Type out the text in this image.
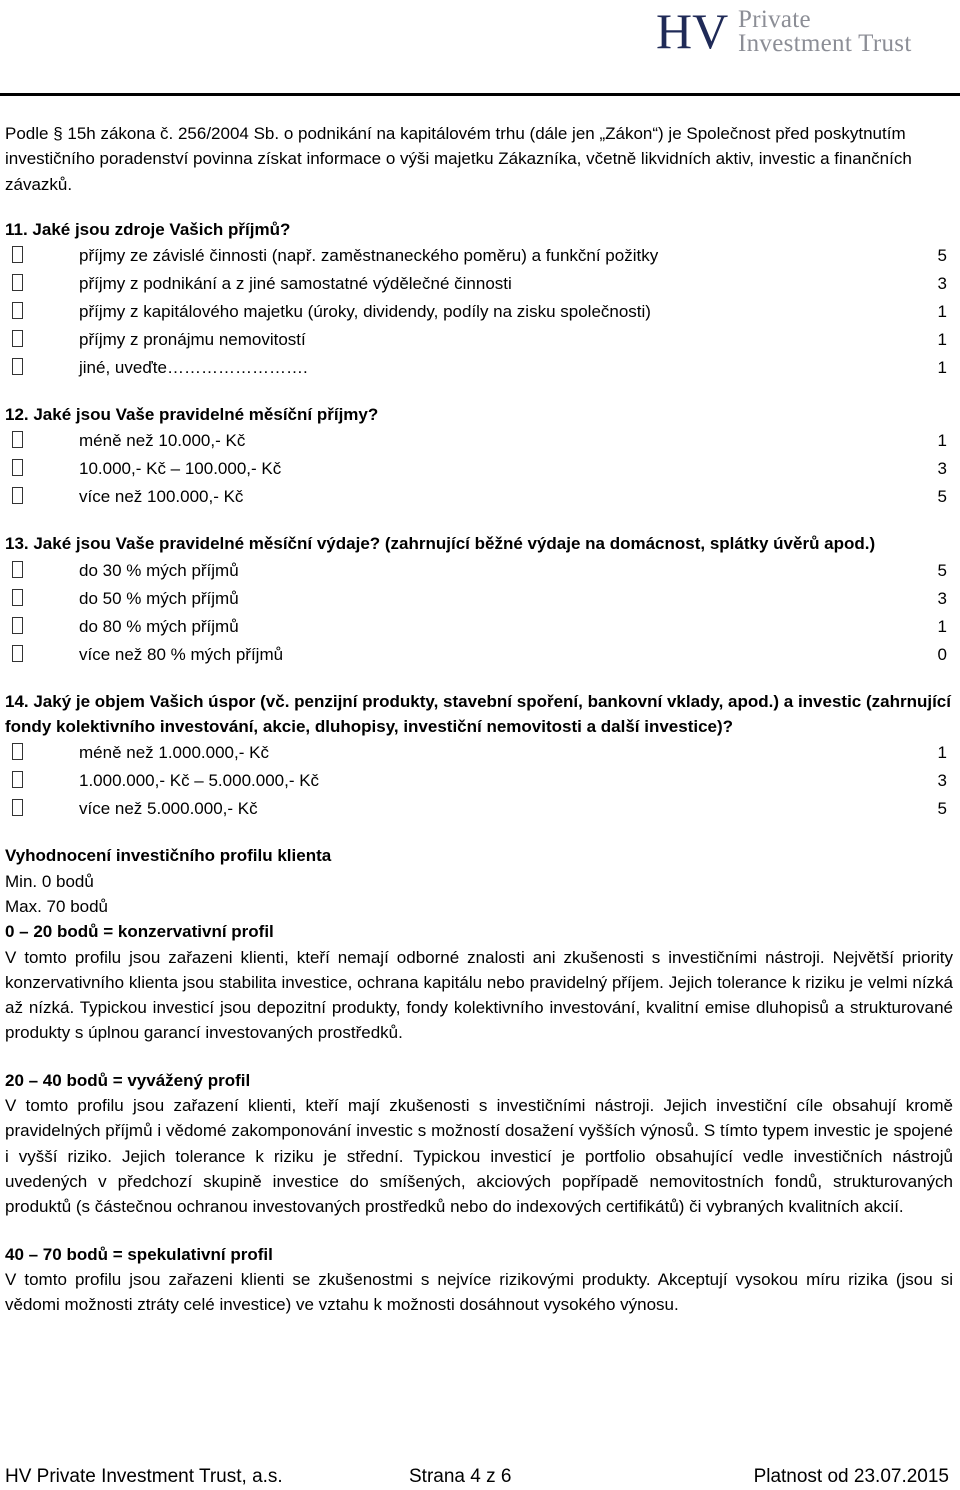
HV Private
Investment Trust

Podle § 15h zákona č. 256/2004 Sb. o podnikání na kapitálovém trhu (dále jen „Zákon“) je Společnost před poskytnutím investičního poradenství povinna získat informace o výši majetku Zákazníka, včetně likvidních aktiv, investic a finančních závazků.

11. Jaké jsou zdroje Vašich příjmů?

příjmy ze závislé činnosti (např. zaměstnaneckého poměru) a funkční požitky	5
příjmy z podnikání a z jiné samostatné výdělečné činnosti	3
příjmy z kapitálového majetku (úroky, dividendy, podíly na zisku společnosti)	1
příjmy z pronájmu nemovitostí	1
jiné, uveďte…………………….	1

12. Jaké jsou Vaše pravidelné měsíční příjmy?

méně než 10.000,- Kč	1
10.000,- Kč – 100.000,- Kč	3
více než 100.000,- Kč	5

13. Jaké jsou Vaše pravidelné měsíční výdaje? (zahrnující běžné výdaje na domácnost, splátky úvěrů apod.)

do 30 % mých příjmů	5
do 50 % mých příjmů	3
do 80 % mých příjmů	1
více než 80 % mých příjmů	0

14. Jaký je objem Vašich úspor (vč. penzijní produkty, stavební spoření, bankovní vklady, apod.) a investic (zahrnující fondy kolektivního investování, akcie, dluhopisy, investiční nemovitosti a další investice)?

méně než 1.000.000,- Kč	1
1.000.000,- Kč – 5.000.000,- Kč	3
více než 5.000.000,- Kč	5

Vyhodnocení investičního profilu klienta

Min. 0 bodů

Max. 70 bodů

0 – 20 bodů = konzervativní profil

V tomto profilu jsou zařazeni klienti, kteří nemají odborné znalosti ani zkušenosti s investičními nástroji. Největší priority konzervativního klienta jsou stabilita investice, ochrana kapitálu nebo pravidelný příjem. Jejich tolerance k riziku je velmi nízká až nízká. Typickou investicí jsou depozitní produkty, fondy kolektivního investování, kvalitní emise dluhopisů a strukturované produkty s úplnou garancí investovaných prostředků.

20 – 40 bodů = vyvážený profil

V tomto profilu jsou zařazení klienti, kteří mají zkušenosti s investičními nástroji. Jejich investiční cíle obsahují kromě pravidelných příjmů i vědomé zakomponování investic s možností dosažení vyšších výnosů. S tímto typem investic je spojené i vyšší riziko. Jejich tolerance k riziku je střední. Typickou investicí je portfolio obsahující vedle investičních nástrojů uvedených v předchozí skupině investice do smíšených, akciových popřípadě nemovitostních fondů, strukturovaných produktů (s částečnou ochranou investovaných prostředků nebo do indexových certifikátů) či vybraných kvalitních akcií.

40 – 70 bodů = spekulativní profil

V tomto profilu jsou zařazeni klienti se zkušenostmi s nejvíce rizikovými produkty. Akceptují vysokou míru rizika (jsou si vědomi možnosti ztráty celé investice) ve vztahu k možnosti dosáhnout vysokého výnosu.

HV Private Investment Trust, a.s.	Strana 4 z 6	Platnost od 23.07.2015
